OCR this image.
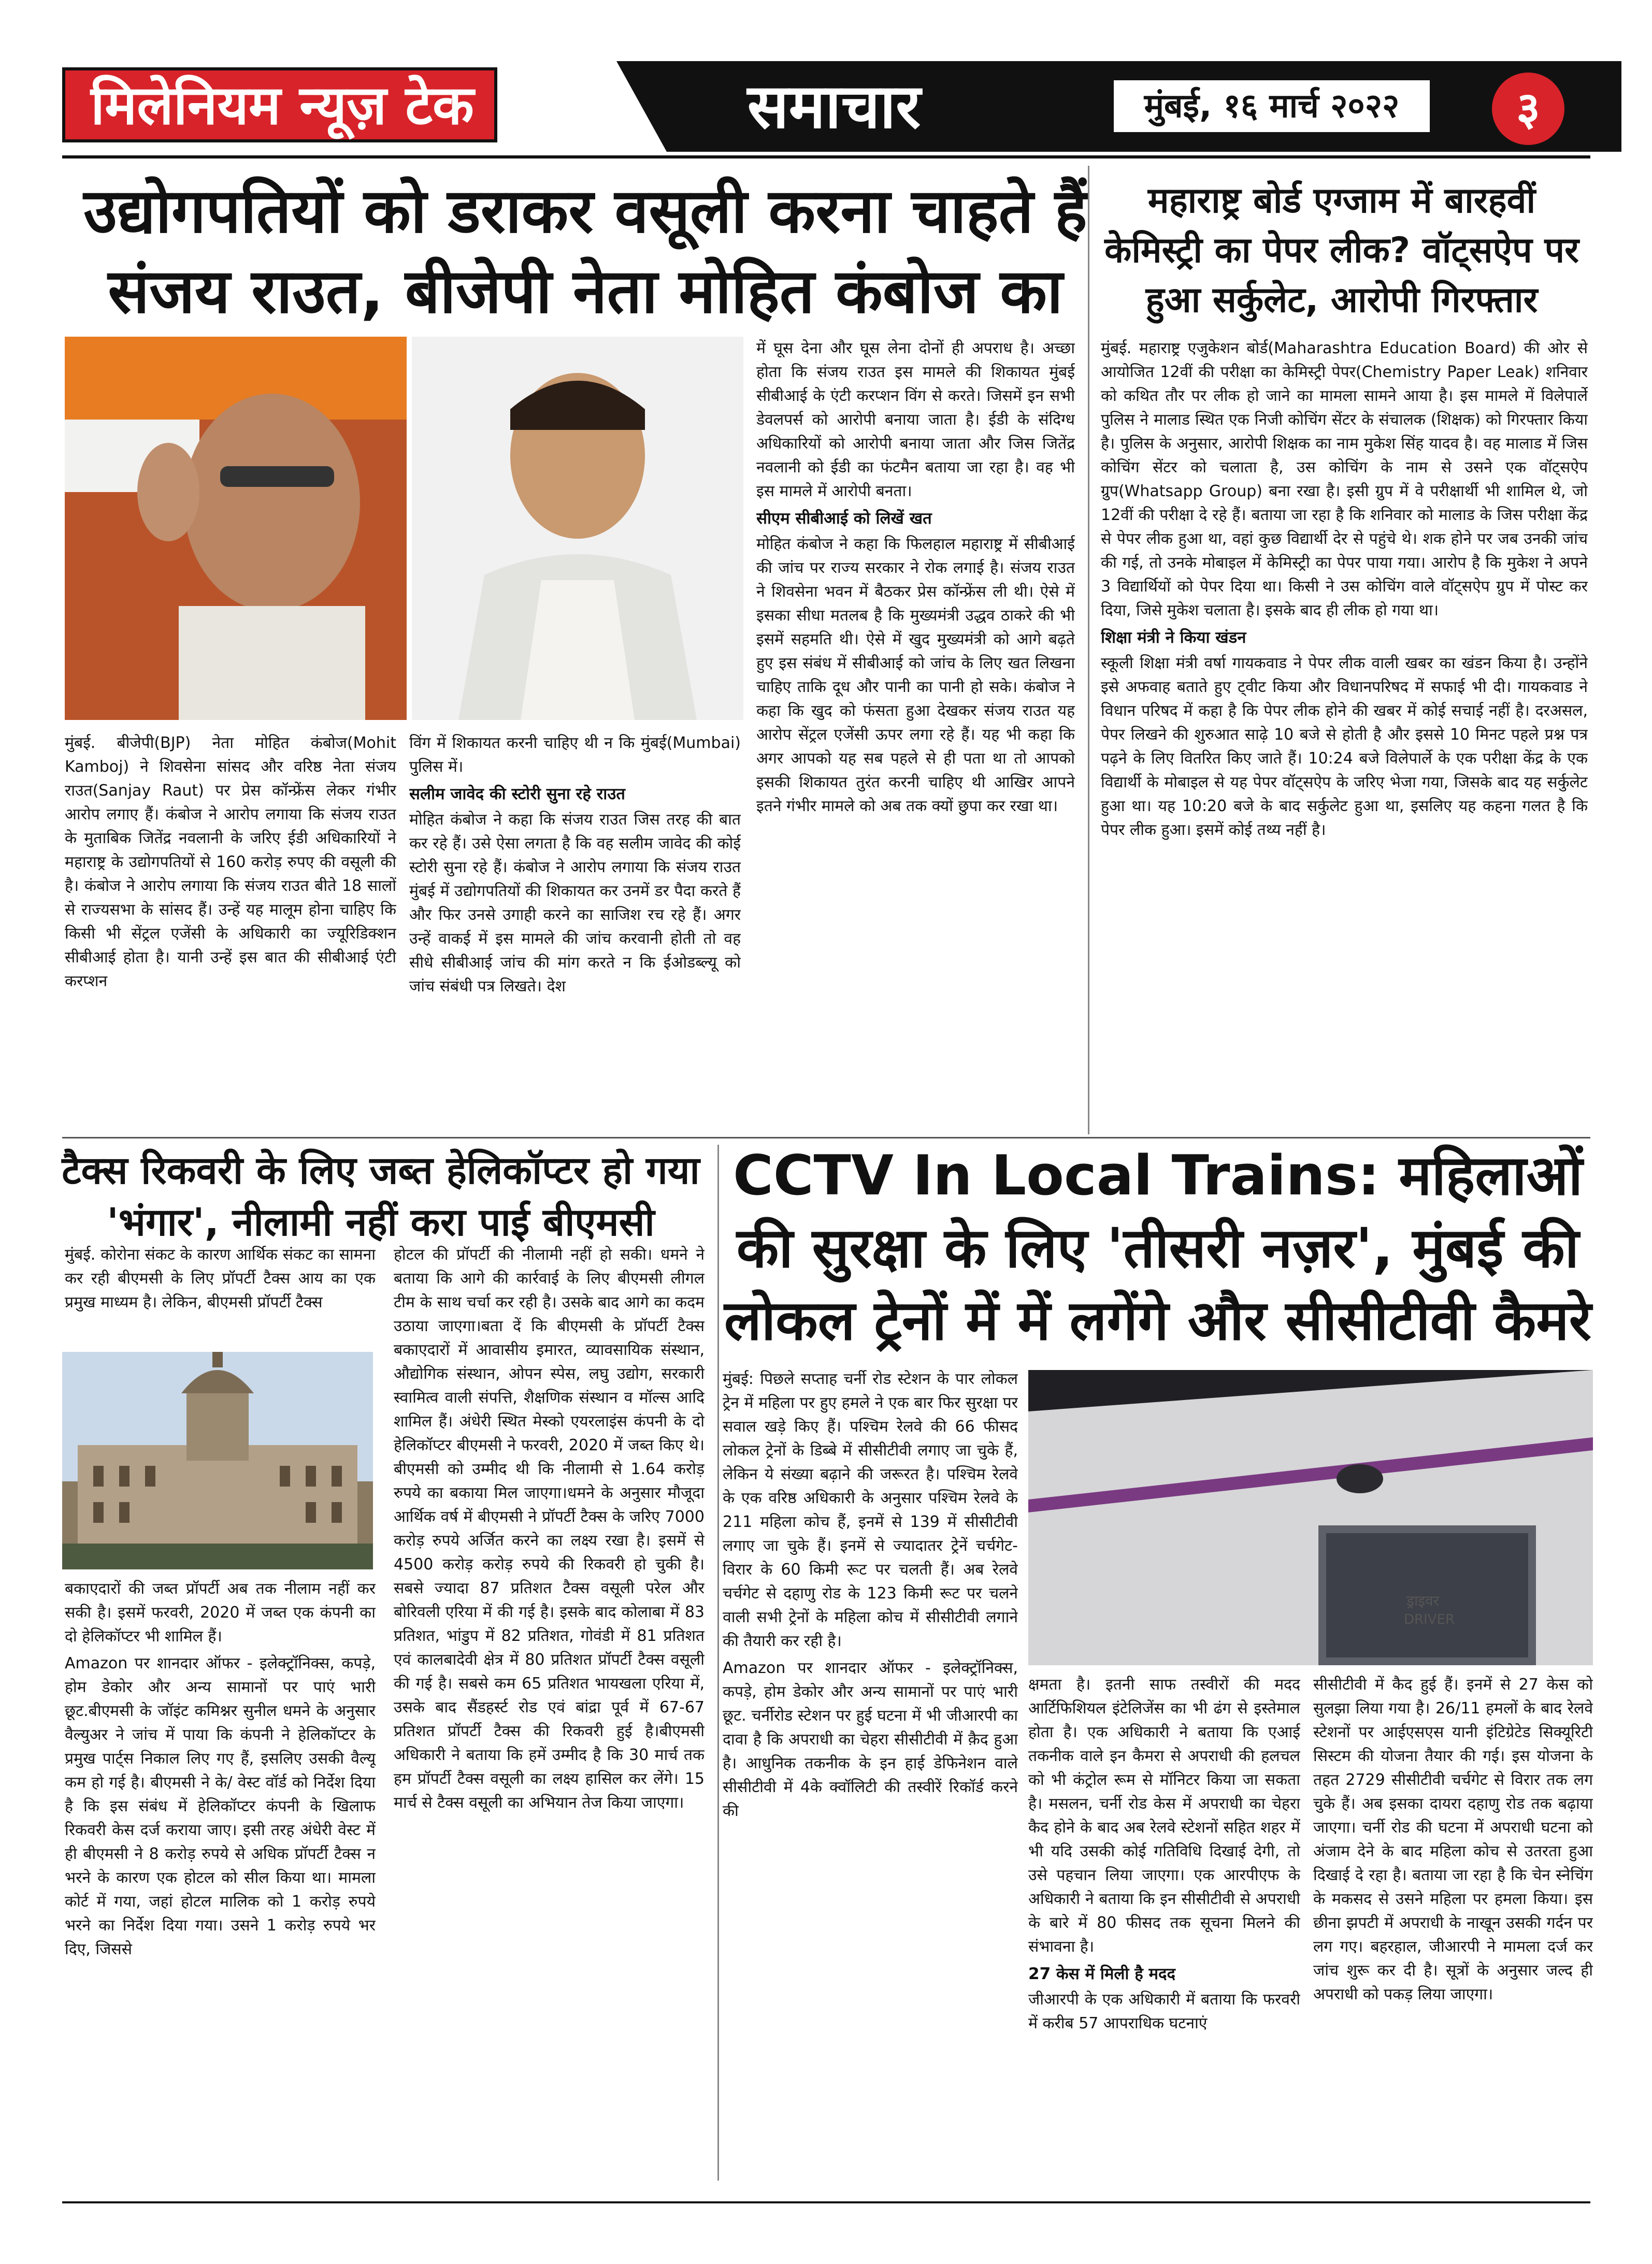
मिलेनियम न्यूज़ टेक	समाचार	मुंबई, १६ मार्च २०२२	३
उद्योगपतियों को डराकर वसूली करना चाहते हैं संजय राउत, बीजेपी नेता मोहित कंबोज का

मुंबई. बीजेपी(BJP) नेता मोहित कंबोज(Mohit Kamboj) ने शिवसेना सांसद और वरिष्ठ नेता संजय राउत(Sanjay Raut) पर प्रेस कॉन्फ्रेंस लेकर गंभीर आरोप लगाए हैं। कंबोज ने आरोप लगाया कि संजय राउत के मुताबिक जितेंद्र नवलानी के जरिए ईडी अधिकारियों ने महाराष्ट्र के उद्योगपतियों से 160 करोड़ रुपए की वसूली की है। कंबोज ने आरोप लगाया कि संजय राउत बीते 18 सालों से राज्यसभा के सांसद हैं। उन्हें यह मालूम होना चाहिए कि किसी भी सेंट्रल एजेंसी के अधिकारी का ज्यूरिडिक्शन सीबीआई होता है। यानी उन्हें इस बात की सीबीआई एंटी करप्शन

विंग में शिकायत करनी चाहिए थी न कि मुंबई(Mumbai) पुलिस में।

सलीम जावेद की स्टोरी सुना रहे राउत

मोहित कंबोज ने कहा कि संजय राउत जिस तरह की बात कर रहे हैं। उसे ऐसा लगता है कि वह सलीम जावेद की कोई स्टोरी सुना रहे हैं। कंबोज ने आरोप लगाया कि संजय राउत मुंबई में उद्योगपतियों की शिकायत कर उनमें डर पैदा करते हैं और फिर उनसे उगाही करने का साजिश रच रहे हैं। अगर उन्हें वाकई में इस मामले की जांच करवानी होती तो वह सीधे सीबीआई जांच की मांग करते न कि ईओडब्ल्यू को जांच संबंधी पत्र लिखते। देश

में घूस देना और घूस लेना दोनों ही अपराध है। अच्छा होता कि संजय राउत इस मामले की शिकायत मुंबई सीबीआई के एंटी करप्शन विंग से करते। जिसमें इन सभी डेवलपर्स को आरोपी बनाया जाता है। ईडी के संदिग्ध अधिकारियों को आरोपी बनाया जाता और जिस जितेंद्र नवलानी को ईडी का फंटमैन बताया जा रहा है। वह भी इस मामले में आरोपी बनता।

सीएम सीबीआई को लिखें खत

मोहित कंबोज ने कहा कि फिलहाल महाराष्ट्र में सीबीआई की जांच पर राज्य सरकार ने रोक लगाई है। संजय राउत ने शिवसेना भवन में बैठकर प्रेस कॉन्फ्रेंस ली थी। ऐसे में इसका सीधा मतलब है कि मुख्यमंत्री उद्धव ठाकरे की भी इसमें सहमति थी। ऐसे में खुद मुख्यमंत्री को आगे बढ़ते हुए इस संबंध में सीबीआई को जांच के लिए खत लिखना चाहिए ताकि दूध और पानी का पानी हो सके। कंबोज ने कहा कि खुद को फंसता हुआ देखकर संजय राउत यह आरोप सेंट्रल एजेंसी ऊपर लगा रहे हैं। यह भी कहा कि अगर आपको यह सब पहले से ही पता था तो आपको इसकी शिकायत तुरंत करनी चाहिए थी आखिर आपने इतने गंभीर मामले को अब तक क्यों छुपा कर रखा था।

महाराष्ट्र बोर्ड एग्जाम में बारहवीं केमिस्ट्री का पेपर लीक? वॉट्सऐप पर हुआ सर्कुलेट, आरोपी गिरफ्तार

मुंबई. महाराष्ट्र एजुकेशन बोर्ड(Maharashtra Education Board) की ओर से आयोजित 12वीं की परीक्षा का केमिस्ट्री पेपर(Chemistry Paper Leak) शनिवार को कथित तौर पर लीक हो जाने का मामला सामने आया है। इस मामले में विलेपार्ले पुलिस ने मालाड स्थित एक निजी कोचिंग सेंटर के संचालक (शिक्षक) को गिरफ्तार किया है। पुलिस के अनुसार, आरोपी शिक्षक का नाम मुकेश सिंह यादव है। वह मालाड में जिस कोचिंग सेंटर को चलाता है, उस कोचिंग के नाम से उसने एक वॉट्सऐप ग्रुप(Whatsapp Group) बना रखा है। इसी ग्रुप में वे परीक्षार्थी भी शामिल थे, जो 12वीं की परीक्षा दे रहे हैं। बताया जा रहा है कि शनिवार को मालाड के जिस परीक्षा केंद्र से पेपर लीक हुआ था, वहां कुछ विद्यार्थी देर से पहुंचे थे। शक होने पर जब उनकी जांच की गई, तो उनके मोबाइल में केमिस्ट्री का पेपर पाया गया। आरोप है कि मुकेश ने अपने 3 विद्यार्थियों को पेपर दिया था। किसी ने उस कोचिंग वाले वॉट्सऐप ग्रुप में पोस्ट कर दिया, जिसे मुकेश चलाता है। इसके बाद ही लीक हो गया था।

शिक्षा मंत्री ने किया खंडन

स्कूली शिक्षा मंत्री वर्षा गायकवाड ने पेपर लीक वाली खबर का खंडन किया है। उन्होंने इसे अफवाह बताते हुए ट्वीट किया और विधानपरिषद में सफाई भी दी। गायकवाड ने विधान परिषद में कहा है कि पेपर लीक होने की खबर में कोई सचाई नहीं है। दरअसल, पेपर लिखने की शुरुआत साढ़े 10 बजे से होती है और इससे 10 मिनट पहले प्रश्न पत्र पढ़ने के लिए वितरित किए जाते हैं। 10:24 बजे विलेपार्ले के एक परीक्षा केंद्र के एक विद्यार्थी के मोबाइल से यह पेपर वॉट्सऐप के जरिए भेजा गया, जिसके बाद यह सर्कुलेट हुआ था। यह 10:20 बजे के बाद सर्कुलेट हुआ था, इसलिए यह कहना गलत है कि पेपर लीक हुआ। इसमें कोई तथ्य नहीं है।

टैक्स रिकवरी के लिए जब्त हेलिकॉप्टर हो गया 'भंगार', नीलामी नहीं करा पाई बीएमसी

मुंबई. कोरोना संकट के कारण आर्थिक संकट का सामना कर रही बीएमसी के लिए प्रॉपर्टी टैक्स आय का एक प्रमुख माध्यम है। लेकिन, बीएमसी प्रॉपर्टी टैक्स

बकाएदारों की जब्त प्रॉपर्टी अब तक नीलाम नहीं कर सकी है। इसमें फरवरी, 2020 में जब्त एक कंपनी का दो हेलिकॉप्टर भी शामिल हैं।

Amazon पर शानदार ऑफर - इलेक्ट्रॉनिक्स, कपड़े, होम डेकोर और अन्य सामानों पर पाएं भारी छूट.बीएमसी के जॉइंट कमिश्नर सुनील धमने के अनुसार वैल्युअर ने जांच में पाया कि कंपनी ने हेलिकॉप्टर के प्रमुख पार्ट्स निकाल लिए गए हैं, इसलिए उसकी वैल्यू कम हो गई है। बीएमसी ने के/ वेस्ट वॉर्ड को निर्देश दिया है कि इस संबंध में हेलिकॉप्टर कंपनी के खिलाफ रिकवरी केस दर्ज कराया जाए। इसी तरह अंधेरी वेस्ट में ही बीएमसी ने 8 करोड़ रुपये से अधिक प्रॉपर्टी टैक्स न भरने के कारण एक होटल को सील किया था। मामला कोर्ट में गया, जहां होटल मालिक को 1 करोड़ रुपये भरने का निर्देश दिया गया। उसने 1 करोड़ रुपये भर दिए, जिससे

होटल की प्रॉपर्टी की नीलामी नहीं हो सकी। धमने ने बताया कि आगे की कार्रवाई के लिए बीएमसी लीगल टीम के साथ चर्चा कर रही है। उसके बाद आगे का कदम उठाया जाएगा।बता दें कि बीएमसी के प्रॉपर्टी टैक्स बकाएदारों में आवासीय इमारत, व्यावसायिक संस्थान, औद्योगिक संस्थान, ओपन स्पेस, लघु उद्योग, सरकारी स्वामित्व वाली संपत्ति, शैक्षणिक संस्थान व मॉल्स आदि शामिल हैं। अंधेरी स्थित मेस्को एयरलाइंस कंपनी के दो हेलिकॉप्टर बीएमसी ने फरवरी, 2020 में जब्त किए थे। बीएमसी को उम्मीद थी कि नीलामी से 1.64 करोड़ रुपये का बकाया मिल जाएगा।धमने के अनुसार मौजूदा आर्थिक वर्ष में बीएमसी ने प्रॉपर्टी टैक्स के जरिए 7000 करोड़ रुपये अर्जित करने का लक्ष्य रखा है। इसमें से 4500 करोड़ करोड़ रुपये की रिकवरी हो चुकी है। सबसे ज्यादा 87 प्रतिशत टैक्स वसूली परेल और बोरिवली एरिया में की गई है। इसके बाद कोलाबा में 83 प्रतिशत, भांडुप में 82 प्रतिशत, गोवंडी में 81 प्रतिशत एवं कालबादेवी क्षेत्र में 80 प्रतिशत प्रॉपर्टी टैक्स वसूली की गई है। सबसे कम 65 प्रतिशत भायखला एरिया में, उसके बाद सैंडहर्स्ट रोड एवं बांद्रा पूर्व में 67-67 प्रतिशत प्रॉपर्टी टैक्स की रिकवरी हुई है।बीएमसी अधिकारी ने बताया कि हमें उम्मीद है कि 30 मार्च तक हम प्रॉपर्टी टैक्स वसूली का लक्ष्य हासिल कर लेंगे। 15 मार्च से टैक्स वसूली का अभियान तेज किया जाएगा।

CCTV In Local Trains: महिलाओं की सुरक्षा के लिए 'तीसरी नज़र', मुंबई की लोकल ट्रेनों में में लगेंगे और सीसीटीवी कैमरे

मुंबई: पिछले सप्ताह चर्नी रोड स्टेशन के पार लोकल ट्रेन में महिला पर हुए हमले ने एक बार फिर सुरक्षा पर सवाल खड़े किए हैं। पश्चिम रेलवे की 66 फीसद लोकल ट्रेनों के डिब्बे में सीसीटीवी लगाए जा चुके हैं, लेकिन ये संख्या बढ़ाने की जरूरत है। पश्चिम रेलवे के एक वरिष्ठ अधिकारी के अनुसार पश्चिम रेलवे के 211 महिला कोच हैं, इनमें से 139 में सीसीटीवी लगाए जा चुके हैं। इनमें से ज्यादातर ट्रेनें चर्चगेट-विरार के 60 किमी रूट पर चलती हैं। अब रेलवे चर्चगेट से दहाणु रोड के 123 किमी रूट पर चलने वाली सभी ट्रेनों के महिला कोच में सीसीटीवी लगाने की तैयारी कर रही है।

Amazon पर शानदार ऑफर - इलेक्ट्रॉनिक्स, कपड़े, होम डेकोर और अन्य सामानों पर पाएं भारी छूट. चर्नीरोड स्टेशन पर हुई घटना में भी जीआरपी का दावा है कि अपराधी का चेहरा सीसीटीवी में क़ैद हुआ है। आधुनिक तकनीक के इन हाई डेफिनेशन वाले सीसीटीवी में 4के क्वॉलिटी की तस्वीरें रिकॉर्ड करने की

ड्राइवर
DRIVER

क्षमता है। इतनी साफ तस्वीरों की मदद आर्टिफिशियल इंटेलिजेंस का भी ढंग से इस्तेमाल होता है। एक अधिकारी ने बताया कि एआई तकनीक वाले इन कैमरा से अपराधी की हलचल को भी कंट्रोल रूम से मॉनिटर किया जा सकता है। मसलन, चर्नी रोड केस में अपराधी का चेहरा कैद होने के बाद अब रेलवे स्टेशनों सहित शहर में भी यदि उसकी कोई गतिविधि दिखाई देगी, तो उसे पहचान लिया जाएगा। एक आरपीएफ के अधिकारी ने बताया कि इन सीसीटीवी से अपराधी के बारे में 80 फीसद तक सूचना मिलने की संभावना है।

27 केस में मिली है मदद

जीआरपी के एक अधिकारी में बताया कि फरवरी में करीब 57 आपराधिक घटनाएं

सीसीटीवी में कैद हुई हैं। इनमें से 27 केस को सुलझा लिया गया है। 26/11 हमलों के बाद रेलवे स्टेशनों पर आईएसएस यानी इंटिग्रेटेड सिक्यूरिटी सिस्टम की योजना तैयार की गई। इस योजना के तहत 2729 सीसीटीवी चर्चगेट से विरार तक लग चुके हैं। अब इसका दायरा दहाणु रोड तक बढ़ाया जाएगा। चर्नी रोड की घटना में अपराधी घटना को अंजाम देने के बाद महिला कोच से उतरता हुआ दिखाई दे रहा है। बताया जा रहा है कि चेन स्नेचिंग के मकसद से उसने महिला पर हमला किया। इस छीना झपटी में अपराधी के नाखून उसकी गर्दन पर लग गए। बहरहाल, जीआरपी ने मामला दर्ज कर जांच शुरू कर दी है। सूत्रों के अनुसार जल्द ही अपराधी को पकड़ लिया जाएगा।
